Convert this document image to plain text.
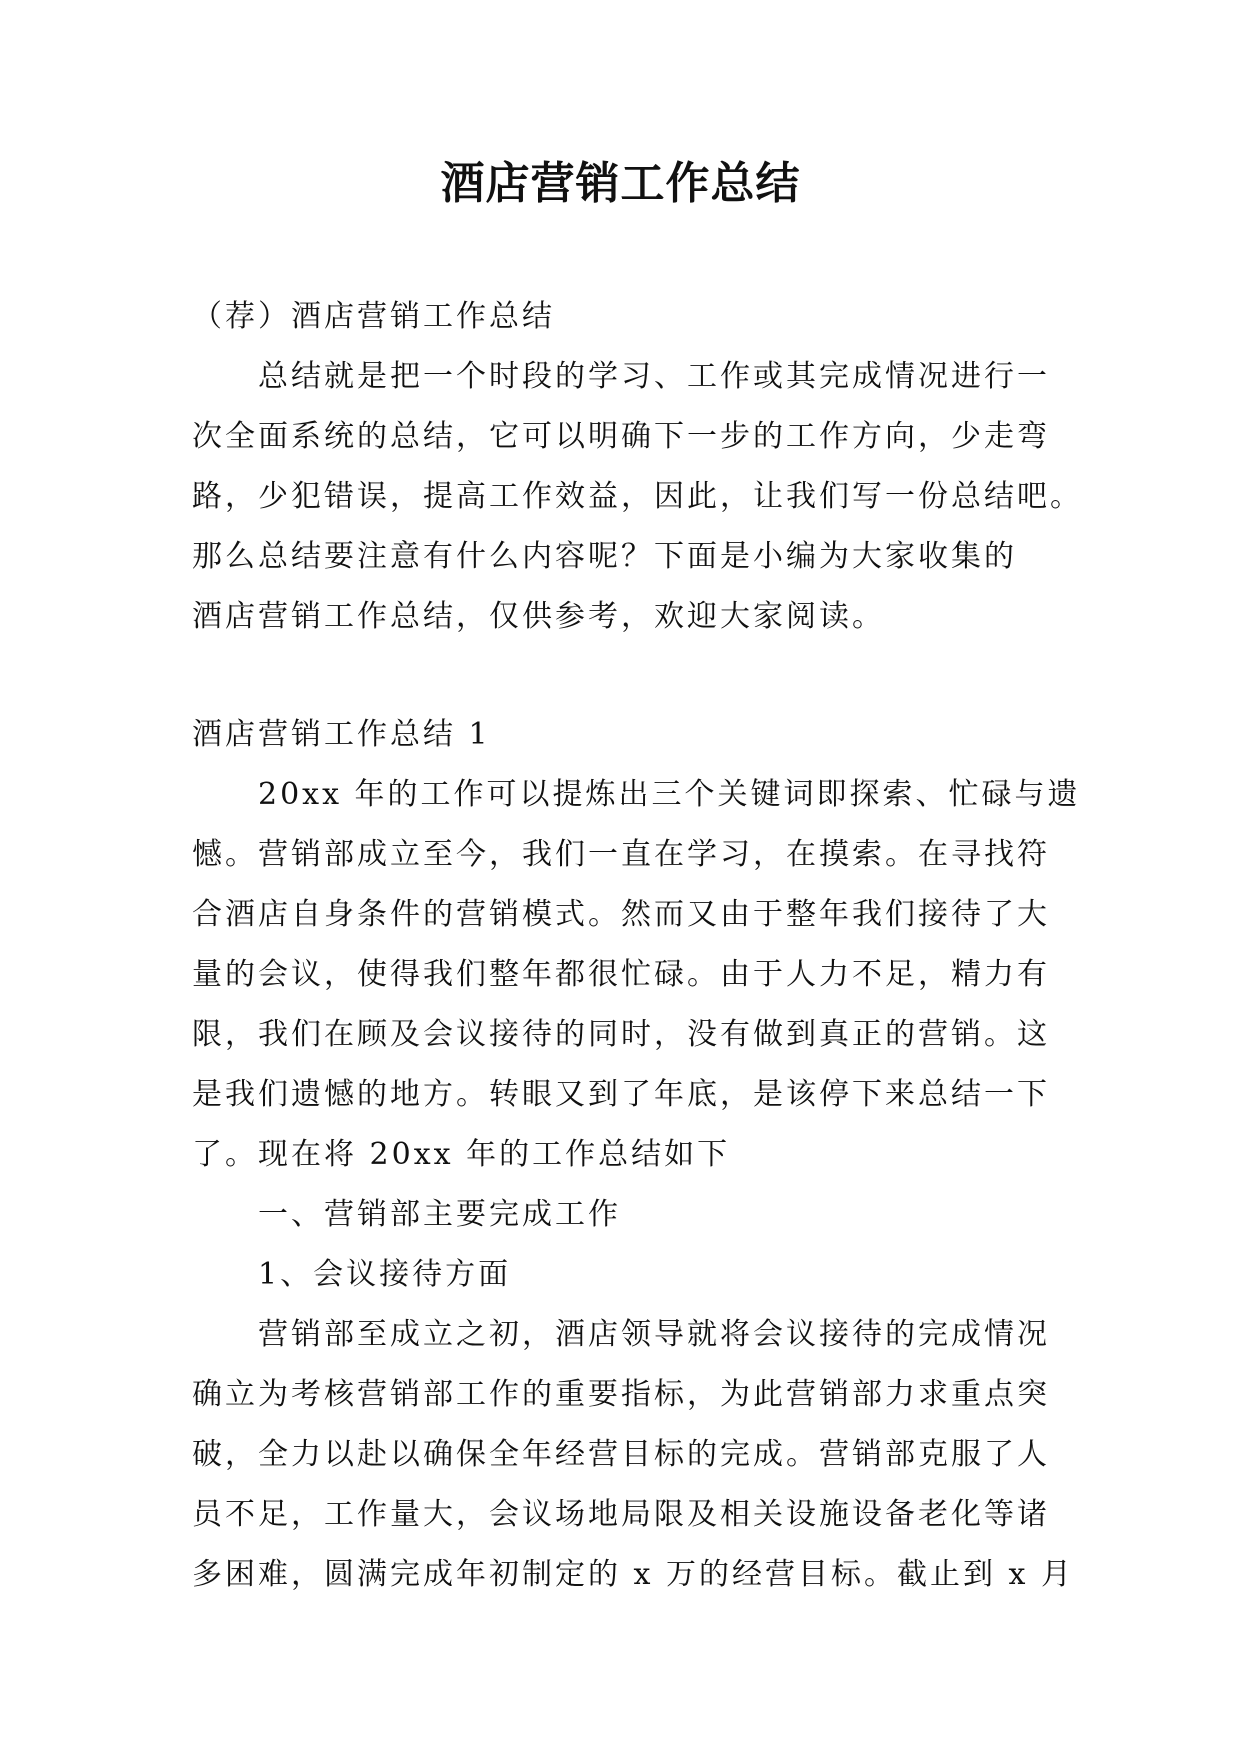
酒店营销工作总结

（荐）酒店营销工作总结

总结就是把一个时段的学习、工作或其完成情况进行一

次全面系统的总结，它可以明确下一步的工作方向，少走弯

路，少犯错误，提高工作效益，因此，让我们写一份总结吧。

那么总结要注意有什么内容呢？下面是小编为大家收集的

酒店营销工作总结，仅供参考，欢迎大家阅读。

酒店营销工作总结 1

20xx 年的工作可以提炼出三个关键词即探索、忙碌与遗

憾。营销部成立至今，我们一直在学习，在摸索。在寻找符

合酒店自身条件的营销模式。然而又由于整年我们接待了大

量的会议，使得我们整年都很忙碌。由于人力不足，精力有

限，我们在顾及会议接待的同时，没有做到真正的营销。这

是我们遗憾的地方。转眼又到了年底，是该停下来总结一下

了。现在将 20xx 年的工作总结如下

一、营销部主要完成工作

1、会议接待方面

营销部至成立之初，酒店领导就将会议接待的完成情况

确立为考核营销部工作的重要指标，为此营销部力求重点突

破，全力以赴以确保全年经营目标的完成。营销部克服了人

员不足，工作量大，会议场地局限及相关设施设备老化等诸

多困难，圆满完成年初制定的 x 万的经营目标。截止到 x 月
